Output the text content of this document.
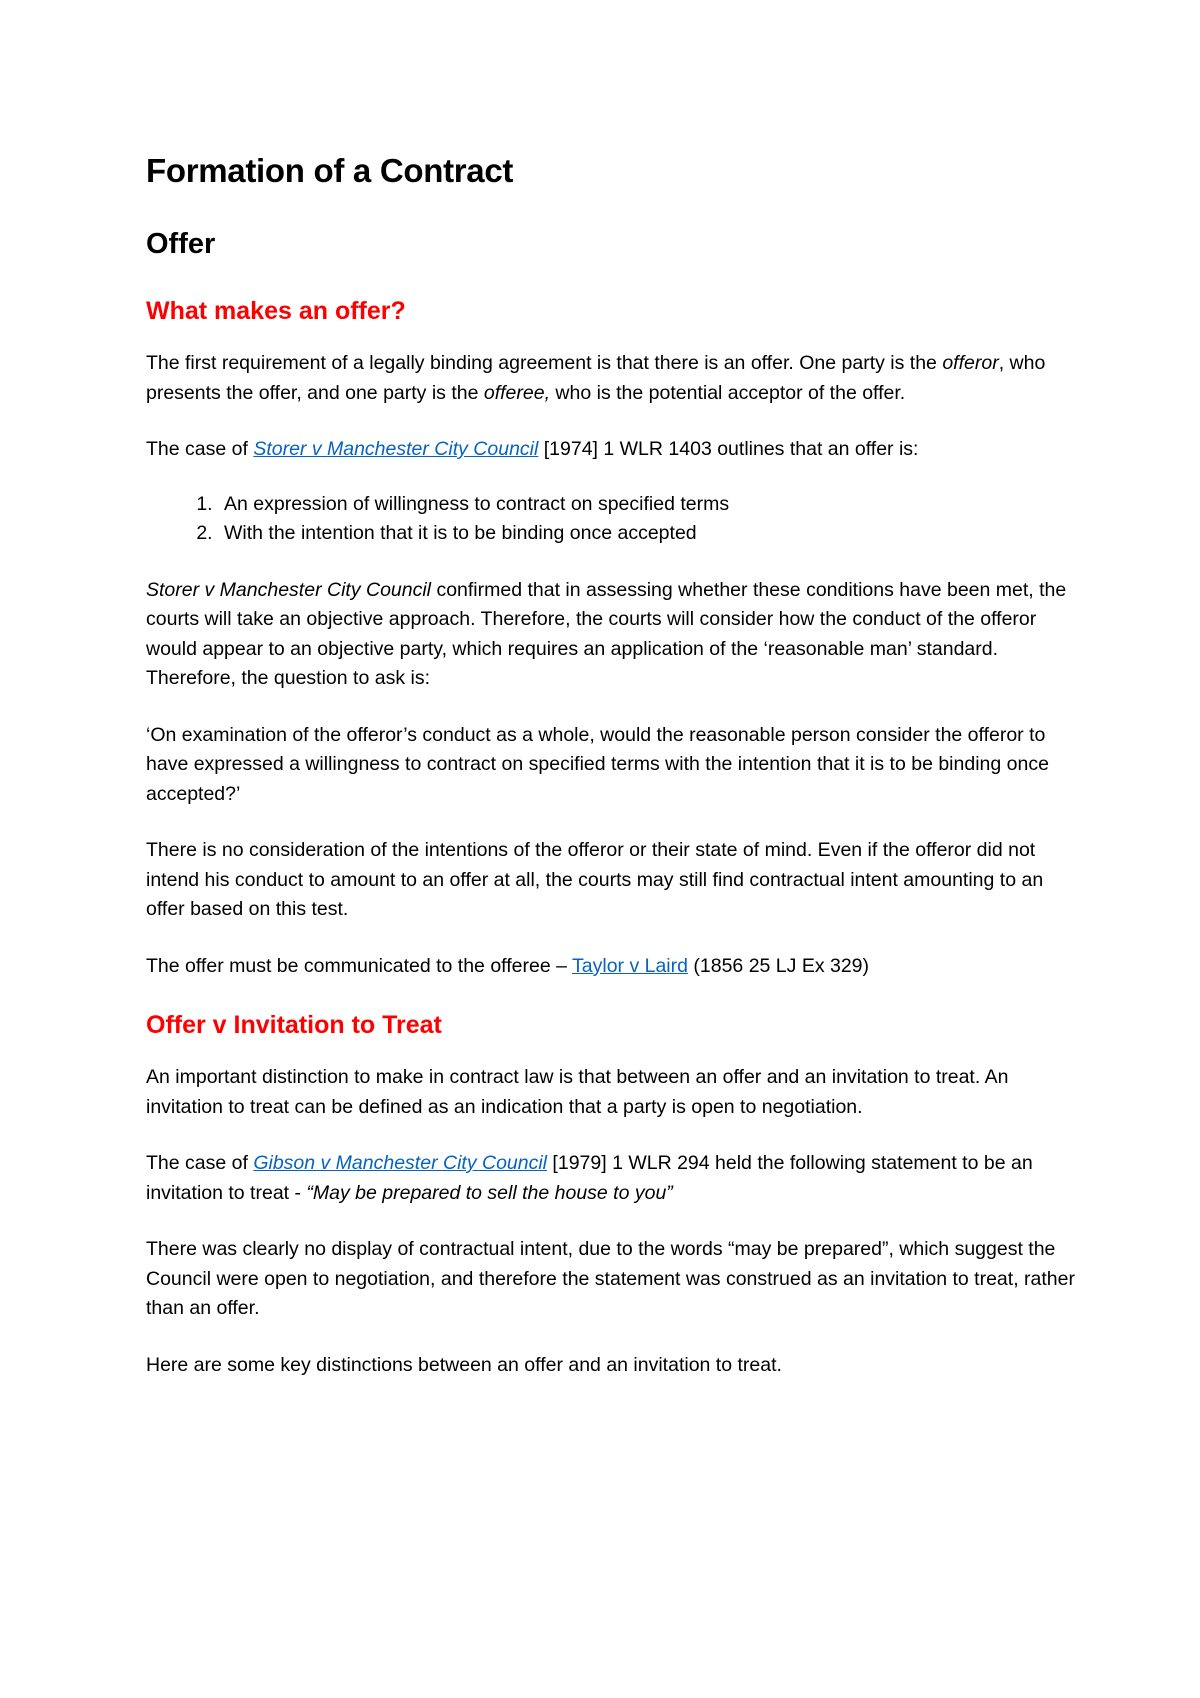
Formation of a Contract
Offer
What makes an offer?

The first requirement of a legally binding agreement is that there is an offer. One party is the offeror, who presents the offer, and one party is the offeree, who is the potential acceptor of the offer.

The case of Storer v Manchester City Council [1974] 1 WLR 1403 outlines that an offer is:

1. An expression of willingness to contract on specified terms
2. With the intention that it is to be binding once accepted

Storer v Manchester City Council confirmed that in assessing whether these conditions have been met, the courts will take an objective approach. Therefore, the courts will consider how the conduct of the offeror would appear to an objective party, which requires an application of the ‘reasonable man’ standard. Therefore, the question to ask is:

‘On examination of the offeror’s conduct as a whole, would the reasonable person consider the offeror to have expressed a willingness to contract on specified terms with the intention that it is to be binding once accepted?’

There is no consideration of the intentions of the offeror or their state of mind. Even if the offeror did not intend his conduct to amount to an offer at all, the courts may still find contractual intent amounting to an offer based on this test.

The offer must be communicated to the offeree – Taylor v Laird (1856 25 LJ Ex 329)

Offer v Invitation to Treat

An important distinction to make in contract law is that between an offer and an invitation to treat. An invitation to treat can be defined as an indication that a party is open to negotiation.

The case of Gibson v Manchester City Council [1979] 1 WLR 294 held the following statement to be an invitation to treat - “May be prepared to sell the house to you”

There was clearly no display of contractual intent, due to the words “may be prepared”, which suggest the Council were open to negotiation, and therefore the statement was construed as an invitation to treat, rather than an offer.

Here are some key distinctions between an offer and an invitation to treat.
